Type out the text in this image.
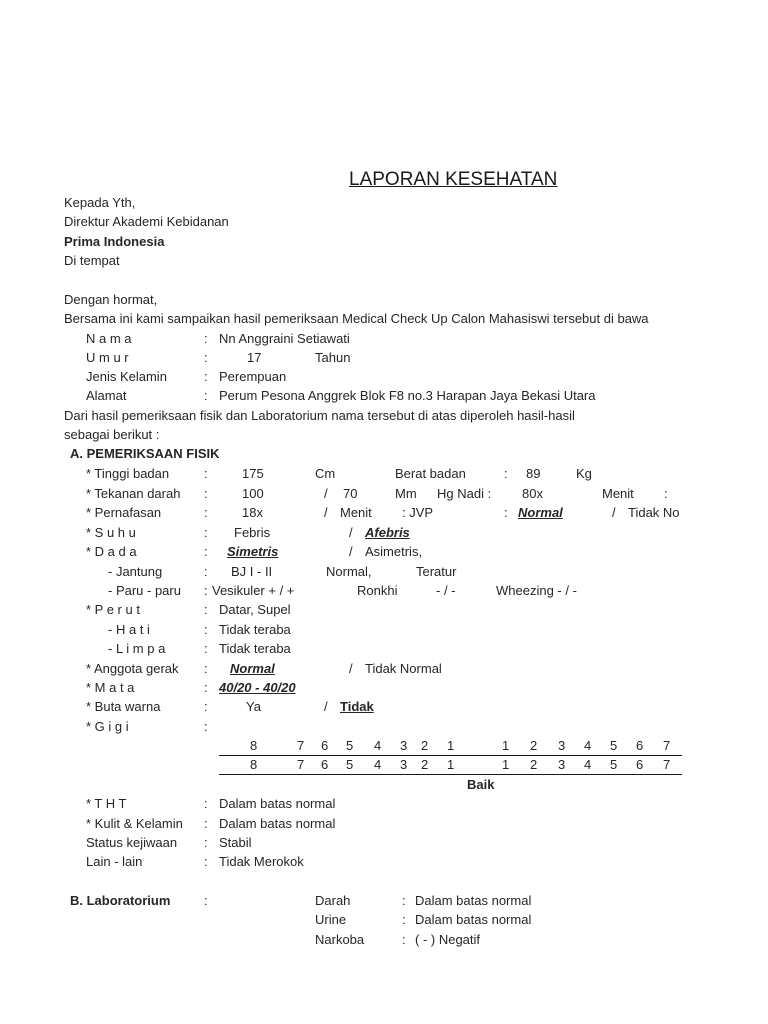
LAPORAN KESEHATAN
Kepada Yth,
Direktur Akademi Kebidanan
Prima Indonesia
Di tempat
Dengan hormat,
Bersama ini kami sampaikan hasil pemeriksaan Medical Check Up Calon Mahasiswi tersebut di bawa
N a m a	: Nn Anggraini Setiawati
U m u r	:	17	Tahun
Jenis Kelamin	: Perempuan
Alamat	: Perum Pesona Anggrek Blok F8 no.3 Harapan Jaya Bekasi Utara
Dari hasil pemeriksaan fisik dan Laboratorium nama tersebut di atas diperoleh hasil-hasil
sebagai berikut :
A. PEMERIKSAAN FISIK
* Tinggi badan	:	175	Cm	Berat badan	: 89	Kg
* Tekanan darah :	100	/ 70	Mm Hg Nadi : 80x	Menit :
* Pernafasan	:	18x	/ Menit : JVP	: Normal	/ Tidak No
* S u h u	: Febris	/ Afebris
* D a d a	: Simetris	/ Asimetris,
- Jantung	: BJ I - II	Normal,	Teratur
- Paru - paru : Vesikuler + / +	Ronkhi	- / -	Wheezing - / -
* P e r u t	: Datar, Supel
- H a t i	: Tidak teraba
- L i m p a	: Tidak teraba
* Anggota gerak : Normal	/ Tidak Normal
* M a t a	: 40/20 - 40/20
* Buta warna	:	Ya	/ Tidak
* G i g i	:
8	7 6 5 4 3 2 1	1 2 3 4 5 6 7
8	7 6 5 4 3 2 1	1 2 3 4 5 6 7
Baik
* T H T	: Dalam batas normal
* Kulit & Kelamin : Dalam batas normal
Status kejiwaan : Stabil
Lain - lain	: Tidak Merokok
B. Laboratorium	:	Darah	: Dalam batas normal
Urine	: Dalam batas normal
Narkoba	: ( - ) Negatif
